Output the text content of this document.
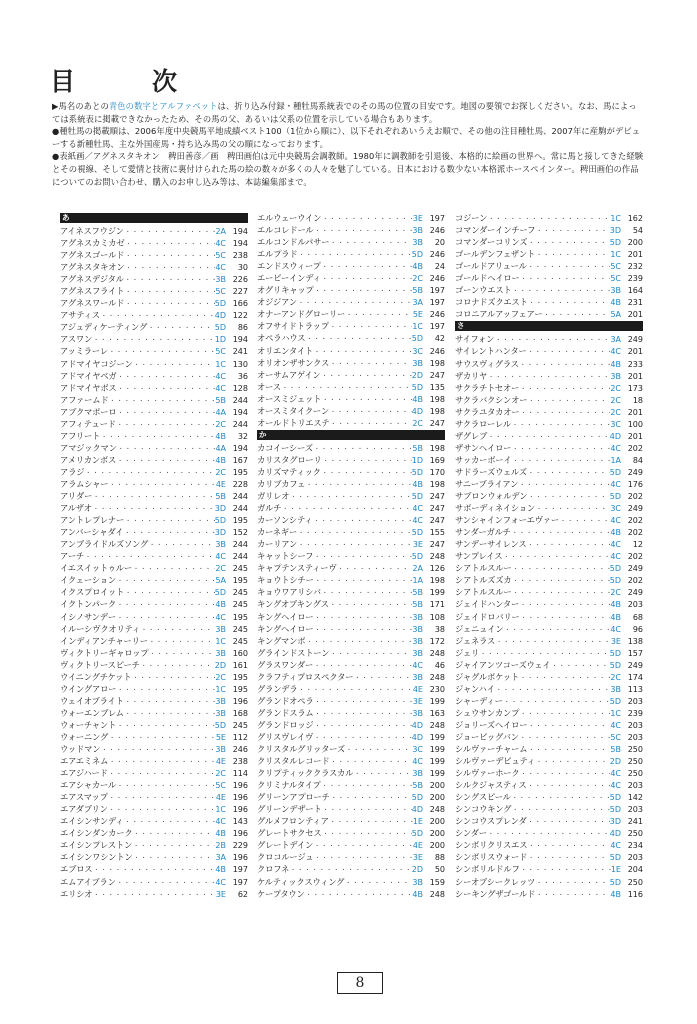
目　次

▶馬名のあとの青色の数字とアルファベットは、折り込み付録・種牡馬系統表でのその馬の位置の目安です。地図の要領でお探しください。なお、馬によっては系統表に掲載できなかったため、その馬の父、あるいは父系の位置を示している場合もあります。

●種牡馬の掲載順は、2006年度中央競馬平地成績ベスト100（1位から順に）、以下それぞれあいうえお順で、その他の注目種牡馬、2007年に産駒がデビューする新種牡馬、主な外国産馬・持ち込み馬の父の順になっております。

●表紙画／アグネスタキオン　稗田善彦／画　稗田画伯は元中央競馬会調教師。1980年に調教師を引退後、本格的に絵画の世界へ。常に馬と接してきた経験とその視線、そして愛情と技術に裏付けられた馬の絵の数々が多くの人々を魅了している。日本における数少ない本格派ホースペインター。稗田画伯の作品についてのお問い合わせ、購入のお申し込み等は、本誌編集部まで。

あ
アイネスフウジン ・・・・・・・・・・・・・・・・・・・・・・・・・・・・・・・・・・・・・・・・・・・・・・	2A 194
アグネスカミカゼ ・・・・・・・・・・・・・・・・・・・・・・・・・・・・・・・・・・・・・・・・・・・・・・	4C 194
アグネスゴールド ・・・・・・・・・・・・・・・・・・・・・・・・・・・・・・・・・・・・・・・・・・・・・・	5C 238
アグネスタキオン ・・・・・・・・・・・・・・・・・・・・・・・・・・・・・・・・・・・・・・・・・・・・・・	4C	30
アグネスデジタル ・・・・・・・・・・・・・・・・・・・・・・・・・・・・・・・・・・・・・・・・・・・・・・	3B 226
アグネスフライト ・・・・・・・・・・・・・・・・・・・・・・・・・・・・・・・・・・・・・・・・・・・・・・	5C 227
アグネスワールド ・・・・・・・・・・・・・・・・・・・・・・・・・・・・・・・・・・・・・・・・・・・・・・	5D 166
アサティス ・・・・・・・・・・・・・・・・・・・・・・・・・・・・・・・・・・・・・・・・・・・・・・	4D 122
アジュディケーティング ・・・・・・・・・・・・・・・・・・・・・・・・・・・・・・・・・・・・・・・・・・・・・・	5D	86
アスワン ・・・・・・・・・・・・・・・・・・・・・・・・・・・・・・・・・・・・・・・・・・・・・・	1D 194
アッミラーレ ・・・・・・・・・・・・・・・・・・・・・・・・・・・・・・・・・・・・・・・・・・・・・・	5C 241
アドマイヤコジーン ・・・・・・・・・・・・・・・・・・・・・・・・・・・・・・・・・・・・・・・・・・・・・・	1C 130
アドマイヤベガ ・・・・・・・・・・・・・・・・・・・・・・・・・・・・・・・・・・・・・・・・・・・・・・	4C	36
アドマイヤボス ・・・・・・・・・・・・・・・・・・・・・・・・・・・・・・・・・・・・・・・・・・・・・・	4C 128
アファームド ・・・・・・・・・・・・・・・・・・・・・・・・・・・・・・・・・・・・・・・・・・・・・・	5B 244
アブクマポーロ ・・・・・・・・・・・・・・・・・・・・・・・・・・・・・・・・・・・・・・・・・・・・・・	4A 194
アフィテュード ・・・・・・・・・・・・・・・・・・・・・・・・・・・・・・・・・・・・・・・・・・・・・・	2C 244
アフリート ・・・・・・・・・・・・・・・・・・・・・・・・・・・・・・・・・・・・・・・・・・・・・・	4B	32
アマジックマン ・・・・・・・・・・・・・・・・・・・・・・・・・・・・・・・・・・・・・・・・・・・・・・	4A 194
アメリカンボス ・・・・・・・・・・・・・・・・・・・・・・・・・・・・・・・・・・・・・・・・・・・・・・	4B 167
アラジ ・・・・・・・・・・・・・・・・・・・・・・・・・・・・・・・・・・・・・・・・・・・・・・	2C 195
アラムシャー ・・・・・・・・・・・・・・・・・・・・・・・・・・・・・・・・・・・・・・・・・・・・・・	4E 228
アリダー ・・・・・・・・・・・・・・・・・・・・・・・・・・・・・・・・・・・・・・・・・・・・・・	5B 244
アルザオ ・・・・・・・・・・・・・・・・・・・・・・・・・・・・・・・・・・・・・・・・・・・・・・	3D 244
アントレプレナー ・・・・・・・・・・・・・・・・・・・・・・・・・・・・・・・・・・・・・・・・・・・・・・	5D 195
アンバーシャダイ ・・・・・・・・・・・・・・・・・・・・・・・・・・・・・・・・・・・・・・・・・・・・・・	3D 152
アンブライドルズソング ・・・・・・・・・・・・・・・・・・・・・・・・・・・・・・・・・・・・・・・・・・・・・・	3B 244
アーチ ・・・・・・・・・・・・・・・・・・・・・・・・・・・・・・・・・・・・・・・・・・・・・・	4C 244
イエスイットゥルー ・・・・・・・・・・・・・・・・・・・・・・・・・・・・・・・・・・・・・・・・・・・・・・	2C 245
イクェーション ・・・・・・・・・・・・・・・・・・・・・・・・・・・・・・・・・・・・・・・・・・・・・・	5A 195
イクスプロイット ・・・・・・・・・・・・・・・・・・・・・・・・・・・・・・・・・・・・・・・・・・・・・・	5D 245
イクトンパーク ・・・・・・・・・・・・・・・・・・・・・・・・・・・・・・・・・・・・・・・・・・・・・・	4B 245
イシノサンデー ・・・・・・・・・・・・・・・・・・・・・・・・・・・・・・・・・・・・・・・・・・・・・・	4C 195
イルーシヴクオリティ ・・・・・・・・・・・・・・・・・・・・・・・・・・・・・・・・・・・・・・・・・・・・・・	3B 245
インディアンチャーリー ・・・・・・・・・・・・・・・・・・・・・・・・・・・・・・・・・・・・・・・・・・・・・・	1C 245
ヴィクトリーギャロップ ・・・・・・・・・・・・・・・・・・・・・・・・・・・・・・・・・・・・・・・・・・・・・・	3B 160
ヴィクトリースピーチ ・・・・・・・・・・・・・・・・・・・・・・・・・・・・・・・・・・・・・・・・・・・・・・	2D 161
ウイニングチケット ・・・・・・・・・・・・・・・・・・・・・・・・・・・・・・・・・・・・・・・・・・・・・・	2C 195
ウイングアロー ・・・・・・・・・・・・・・・・・・・・・・・・・・・・・・・・・・・・・・・・・・・・・・	1C 195
ウェイオブライト ・・・・・・・・・・・・・・・・・・・・・・・・・・・・・・・・・・・・・・・・・・・・・・	3B 196
ウォーエンブレム ・・・・・・・・・・・・・・・・・・・・・・・・・・・・・・・・・・・・・・・・・・・・・・	3B 168
ウォーチャント ・・・・・・・・・・・・・・・・・・・・・・・・・・・・・・・・・・・・・・・・・・・・・・	5D 245
ウォーニング ・・・・・・・・・・・・・・・・・・・・・・・・・・・・・・・・・・・・・・・・・・・・・・	5E 112
ウッドマン ・・・・・・・・・・・・・・・・・・・・・・・・・・・・・・・・・・・・・・・・・・・・・・	3B 246
エアエミネム ・・・・・・・・・・・・・・・・・・・・・・・・・・・・・・・・・・・・・・・・・・・・・・	4E 238
エアジハード ・・・・・・・・・・・・・・・・・・・・・・・・・・・・・・・・・・・・・・・・・・・・・・	2C 114
エアシャカール ・・・・・・・・・・・・・・・・・・・・・・・・・・・・・・・・・・・・・・・・・・・・・・	5C 196
エアスマップ ・・・・・・・・・・・・・・・・・・・・・・・・・・・・・・・・・・・・・・・・・・・・・・	4E 196
エアダブリン ・・・・・・・・・・・・・・・・・・・・・・・・・・・・・・・・・・・・・・・・・・・・・・	1C 196
エイシンサンディ ・・・・・・・・・・・・・・・・・・・・・・・・・・・・・・・・・・・・・・・・・・・・・・	4C 143
エイシンダンカーク ・・・・・・・・・・・・・・・・・・・・・・・・・・・・・・・・・・・・・・・・・・・・・・	4B 196
エイシンプレストン ・・・・・・・・・・・・・・・・・・・・・・・・・・・・・・・・・・・・・・・・・・・・・・	2B 229
エイシンワシントン ・・・・・・・・・・・・・・・・・・・・・・・・・・・・・・・・・・・・・・・・・・・・・・	3A 196
エブロス ・・・・・・・・・・・・・・・・・・・・・・・・・・・・・・・・・・・・・・・・・・・・・・	4B 197
エムアイブラン ・・・・・・・・・・・・・・・・・・・・・・・・・・・・・・・・・・・・・・・・・・・・・・	4C 197
エリシオ ・・・・・・・・・・・・・・・・・・・・・・・・・・・・・・・・・・・・・・・・・・・・・・	3E	62
エルウェーウイン ・・・・・・・・・・・・・・・・・・・・・・・・・・・・・・・・・・・・・・・・・・・・・・	3E 197
エルコレドール ・・・・・・・・・・・・・・・・・・・・・・・・・・・・・・・・・・・・・・・・・・・・・・	3B 246
エルコンドルパサー ・・・・・・・・・・・・・・・・・・・・・・・・・・・・・・・・・・・・・・・・・・・・・・	3B	20
エルプラド ・・・・・・・・・・・・・・・・・・・・・・・・・・・・・・・・・・・・・・・・・・・・・・	5D 246
エンドスウィープ ・・・・・・・・・・・・・・・・・・・・・・・・・・・・・・・・・・・・・・・・・・・・・・	4B	24
エービーインディ ・・・・・・・・・・・・・・・・・・・・・・・・・・・・・・・・・・・・・・・・・・・・・・	2C 246
オグリキャップ ・・・・・・・・・・・・・・・・・・・・・・・・・・・・・・・・・・・・・・・・・・・・・・	5B 197
オジジアン ・・・・・・・・・・・・・・・・・・・・・・・・・・・・・・・・・・・・・・・・・・・・・・	3A 197
オナーアンドグローリー ・・・・・・・・・・・・・・・・・・・・・・・・・・・・・・・・・・・・・・・・・・・・・・	5E 246
オフサイドトラップ ・・・・・・・・・・・・・・・・・・・・・・・・・・・・・・・・・・・・・・・・・・・・・・	1C 197
オペラハウス ・・・・・・・・・・・・・・・・・・・・・・・・・・・・・・・・・・・・・・・・・・・・・・	5D	42
オリエンタイト ・・・・・・・・・・・・・・・・・・・・・・・・・・・・・・・・・・・・・・・・・・・・・・	3C 246
オリオンザサンクス ・・・・・・・・・・・・・・・・・・・・・・・・・・・・・・・・・・・・・・・・・・・・・・	3B 198
オーサムアゲイン ・・・・・・・・・・・・・・・・・・・・・・・・・・・・・・・・・・・・・・・・・・・・・・	2D 247
オース ・・・・・・・・・・・・・・・・・・・・・・・・・・・・・・・・・・・・・・・・・・・・・・	5D 135
オースミジェット ・・・・・・・・・・・・・・・・・・・・・・・・・・・・・・・・・・・・・・・・・・・・・・	4B 198
オースミタイクーン ・・・・・・・・・・・・・・・・・・・・・・・・・・・・・・・・・・・・・・・・・・・・・・	4D 198
オールドトリエステ ・・・・・・・・・・・・・・・・・・・・・・・・・・・・・・・・・・・・・・・・・・・・・・	2C 247
か
カコイーシーズ ・・・・・・・・・・・・・・・・・・・・・・・・・・・・・・・・・・・・・・・・・・・・・・	5B 198
カリスタグローリ ・・・・・・・・・・・・・・・・・・・・・・・・・・・・・・・・・・・・・・・・・・・・・・	1D 169
カリズマティック ・・・・・・・・・・・・・・・・・・・・・・・・・・・・・・・・・・・・・・・・・・・・・・	5D 170
カリブカフェ ・・・・・・・・・・・・・・・・・・・・・・・・・・・・・・・・・・・・・・・・・・・・・・	4B 198
ガリレオ ・・・・・・・・・・・・・・・・・・・・・・・・・・・・・・・・・・・・・・・・・・・・・・	5D 247
ガルチ ・・・・・・・・・・・・・・・・・・・・・・・・・・・・・・・・・・・・・・・・・・・・・・	4C 247
カーソンシティ ・・・・・・・・・・・・・・・・・・・・・・・・・・・・・・・・・・・・・・・・・・・・・・	4C 247
カーネギー ・・・・・・・・・・・・・・・・・・・・・・・・・・・・・・・・・・・・・・・・・・・・・・	5D 155
カーリアン ・・・・・・・・・・・・・・・・・・・・・・・・・・・・・・・・・・・・・・・・・・・・・・	3E 247
キャットシーフ ・・・・・・・・・・・・・・・・・・・・・・・・・・・・・・・・・・・・・・・・・・・・・・	5D 248
キャプテンスティーヴ ・・・・・・・・・・・・・・・・・・・・・・・・・・・・・・・・・・・・・・・・・・・・・・	2A 126
キョウトシチー ・・・・・・・・・・・・・・・・・・・・・・・・・・・・・・・・・・・・・・・・・・・・・・	1A 198
キョウワアリシバ ・・・・・・・・・・・・・・・・・・・・・・・・・・・・・・・・・・・・・・・・・・・・・・	5B 199
キングオブキングス ・・・・・・・・・・・・・・・・・・・・・・・・・・・・・・・・・・・・・・・・・・・・・・	5B 171
キングヘイロー ・・・・・・・・・・・・・・・・・・・・・・・・・・・・・・・・・・・・・・・・・・・・・・	3B 108
キングヘイロー ・・・・・・・・・・・・・・・・・・・・・・・・・・・・・・・・・・・・・・・・・・・・・・	3B	38
キングマンボ ・・・・・・・・・・・・・・・・・・・・・・・・・・・・・・・・・・・・・・・・・・・・・・	3B 172
グラインドストーン ・・・・・・・・・・・・・・・・・・・・・・・・・・・・・・・・・・・・・・・・・・・・・・	3B 248
グラスワンダー ・・・・・・・・・・・・・・・・・・・・・・・・・・・・・・・・・・・・・・・・・・・・・・	4C	46
クラフティプロスペクター ・・・・・・・・・・・・・・・・・・・・・・・・・・・・・・・・・・・・・・・・・・・・・・	3B 248
グランデラ ・・・・・・・・・・・・・・・・・・・・・・・・・・・・・・・・・・・・・・・・・・・・・・	4E 230
グランドオペラ ・・・・・・・・・・・・・・・・・・・・・・・・・・・・・・・・・・・・・・・・・・・・・・	3E 199
グランドスラム ・・・・・・・・・・・・・・・・・・・・・・・・・・・・・・・・・・・・・・・・・・・・・・	3B 163
グランドロッジ ・・・・・・・・・・・・・・・・・・・・・・・・・・・・・・・・・・・・・・・・・・・・・・	4D 248
グリスヴレイヴ ・・・・・・・・・・・・・・・・・・・・・・・・・・・・・・・・・・・・・・・・・・・・・・	4D 199
クリスタルグリッターズ ・・・・・・・・・・・・・・・・・・・・・・・・・・・・・・・・・・・・・・・・・・・・・・	3C 199
クリスタルレコード ・・・・・・・・・・・・・・・・・・・・・・・・・・・・・・・・・・・・・・・・・・・・・・	4C 199
クリプティッククラスカル ・・・・・・・・・・・・・・・・・・・・・・・・・・・・・・・・・・・・・・・・・・・・・・	3B 199
クリミナルタイプ ・・・・・・・・・・・・・・・・・・・・・・・・・・・・・・・・・・・・・・・・・・・・・・	5B 200
グリーンアプローチ ・・・・・・・・・・・・・・・・・・・・・・・・・・・・・・・・・・・・・・・・・・・・・・	5D 200
グリーンデザート ・・・・・・・・・・・・・・・・・・・・・・・・・・・・・・・・・・・・・・・・・・・・・・	4D 248
グルメフロンティア ・・・・・・・・・・・・・・・・・・・・・・・・・・・・・・・・・・・・・・・・・・・・・・	1E 200
グレートサクセス ・・・・・・・・・・・・・・・・・・・・・・・・・・・・・・・・・・・・・・・・・・・・・・	5D 200
グレートデイン ・・・・・・・・・・・・・・・・・・・・・・・・・・・・・・・・・・・・・・・・・・・・・・	4E 200
クロコルージュ ・・・・・・・・・・・・・・・・・・・・・・・・・・・・・・・・・・・・・・・・・・・・・・	3E	88
クロフネ ・・・・・・・・・・・・・・・・・・・・・・・・・・・・・・・・・・・・・・・・・・・・・・	2D	50
ケルティックスウィング ・・・・・・・・・・・・・・・・・・・・・・・・・・・・・・・・・・・・・・・・・・・・・・	3B 159
ケープタウン ・・・・・・・・・・・・・・・・・・・・・・・・・・・・・・・・・・・・・・・・・・・・・・	4B 248
コジーン ・・・・・・・・・・・・・・・・・・・・・・・・・・・・・・・・・・・・・・・・・・・・・・	1C 162
コマンダーインチーフ ・・・・・・・・・・・・・・・・・・・・・・・・・・・・・・・・・・・・・・・・・・・・・・	3D	54
コマンダーコリンズ ・・・・・・・・・・・・・・・・・・・・・・・・・・・・・・・・・・・・・・・・・・・・・・	5D 200
ゴールデンフェザント ・・・・・・・・・・・・・・・・・・・・・・・・・・・・・・・・・・・・・・・・・・・・・・	1C 201
ゴールドアリュール ・・・・・・・・・・・・・・・・・・・・・・・・・・・・・・・・・・・・・・・・・・・・・・	5C 232
ゴールドヘイロー ・・・・・・・・・・・・・・・・・・・・・・・・・・・・・・・・・・・・・・・・・・・・・・	5C 239
ゴーンウエスト ・・・・・・・・・・・・・・・・・・・・・・・・・・・・・・・・・・・・・・・・・・・・・・	3B 164
コロナドズクエスト ・・・・・・・・・・・・・・・・・・・・・・・・・・・・・・・・・・・・・・・・・・・・・・	4B 231
コロニアルアッフェアー ・・・・・・・・・・・・・・・・・・・・・・・・・・・・・・・・・・・・・・・・・・・・・・	5A 201
さ
サイフォン ・・・・・・・・・・・・・・・・・・・・・・・・・・・・・・・・・・・・・・・・・・・・・・	3A 249
サイレントハンター ・・・・・・・・・・・・・・・・・・・・・・・・・・・・・・・・・・・・・・・・・・・・・・	4C 201
サウスヴィグラス ・・・・・・・・・・・・・・・・・・・・・・・・・・・・・・・・・・・・・・・・・・・・・・	4B 233
ザカリヤ ・・・・・・・・・・・・・・・・・・・・・・・・・・・・・・・・・・・・・・・・・・・・・・	3B 201
サクラチトセオー ・・・・・・・・・・・・・・・・・・・・・・・・・・・・・・・・・・・・・・・・・・・・・・	2C 173
サクラバクシンオー ・・・・・・・・・・・・・・・・・・・・・・・・・・・・・・・・・・・・・・・・・・・・・・	2C	18
サクラユタカオー ・・・・・・・・・・・・・・・・・・・・・・・・・・・・・・・・・・・・・・・・・・・・・・	2C 201
サクラローレル ・・・・・・・・・・・・・・・・・・・・・・・・・・・・・・・・・・・・・・・・・・・・・・	3C 100
ザグレブ ・・・・・・・・・・・・・・・・・・・・・・・・・・・・・・・・・・・・・・・・・・・・・・	4D 201
ザサンヘイロー ・・・・・・・・・・・・・・・・・・・・・・・・・・・・・・・・・・・・・・・・・・・・・・	4C 202
サッカーボーイ ・・・・・・・・・・・・・・・・・・・・・・・・・・・・・・・・・・・・・・・・・・・・・・	1A	84
サドラーズウェルズ ・・・・・・・・・・・・・・・・・・・・・・・・・・・・・・・・・・・・・・・・・・・・・・	5D 249
サニーブライアン ・・・・・・・・・・・・・・・・・・・・・・・・・・・・・・・・・・・・・・・・・・・・・・	4C 176
サブロンウォルデン ・・・・・・・・・・・・・・・・・・・・・・・・・・・・・・・・・・・・・・・・・・・・・・	5D 202
サボーディネイション ・・・・・・・・・・・・・・・・・・・・・・・・・・・・・・・・・・・・・・・・・・・・・・	3C 249
サンシャインフォーエヴァー ・・・・・・・・・・・・・・・・・・・・・・・・・・・・・・・・・・・・・・・・・・・・・・	4C 202
サンダーガルチ ・・・・・・・・・・・・・・・・・・・・・・・・・・・・・・・・・・・・・・・・・・・・・・	4B 202
サンデーサイレンス ・・・・・・・・・・・・・・・・・・・・・・・・・・・・・・・・・・・・・・・・・・・・・・	4C	12
サンプレイス ・・・・・・・・・・・・・・・・・・・・・・・・・・・・・・・・・・・・・・・・・・・・・・	4C 202
シアトルスルー ・・・・・・・・・・・・・・・・・・・・・・・・・・・・・・・・・・・・・・・・・・・・・・	5D 249
シアトルズズカ ・・・・・・・・・・・・・・・・・・・・・・・・・・・・・・・・・・・・・・・・・・・・・・	5D 202
シアトルスルー ・・・・・・・・・・・・・・・・・・・・・・・・・・・・・・・・・・・・・・・・・・・・・・	2C 249
ジェイドハンター ・・・・・・・・・・・・・・・・・・・・・・・・・・・・・・・・・・・・・・・・・・・・・・	4B 203
ジェイドロバリー ・・・・・・・・・・・・・・・・・・・・・・・・・・・・・・・・・・・・・・・・・・・・・・	4B	68
ジェニュイン ・・・・・・・・・・・・・・・・・・・・・・・・・・・・・・・・・・・・・・・・・・・・・・	4C	96
ジェネラス ・・・・・・・・・・・・・・・・・・・・・・・・・・・・・・・・・・・・・・・・・・・・・・	3E 138
ジェリ ・・・・・・・・・・・・・・・・・・・・・・・・・・・・・・・・・・・・・・・・・・・・・・	5D 157
ジャイアンツコーズウェイ ・・・・・・・・・・・・・・・・・・・・・・・・・・・・・・・・・・・・・・・・・・・・・・	5D 249
ジャグルポケット ・・・・・・・・・・・・・・・・・・・・・・・・・・・・・・・・・・・・・・・・・・・・・・	2C 174
ジャンハイ ・・・・・・・・・・・・・・・・・・・・・・・・・・・・・・・・・・・・・・・・・・・・・・	3B 113
シャーディー ・・・・・・・・・・・・・・・・・・・・・・・・・・・・・・・・・・・・・・・・・・・・・・	5D 203
シュウサンカンプ ・・・・・・・・・・・・・・・・・・・・・・・・・・・・・・・・・・・・・・・・・・・・・・	1C 239
ジョリーズヘイロー ・・・・・・・・・・・・・・・・・・・・・・・・・・・・・・・・・・・・・・・・・・・・・・	4C 203
ジョービッグバン ・・・・・・・・・・・・・・・・・・・・・・・・・・・・・・・・・・・・・・・・・・・・・・	5C 203
シルヴァーチャーム ・・・・・・・・・・・・・・・・・・・・・・・・・・・・・・・・・・・・・・・・・・・・・・	5B 250
シルヴァーデピュティ ・・・・・・・・・・・・・・・・・・・・・・・・・・・・・・・・・・・・・・・・・・・・・・	2D 250
シルヴァーホーク ・・・・・・・・・・・・・・・・・・・・・・・・・・・・・・・・・・・・・・・・・・・・・・	4C 250
シルクジャスティス ・・・・・・・・・・・・・・・・・・・・・・・・・・・・・・・・・・・・・・・・・・・・・・	4C 203
シングスピール ・・・・・・・・・・・・・・・・・・・・・・・・・・・・・・・・・・・・・・・・・・・・・・	5D 142
シンコウキング ・・・・・・・・・・・・・・・・・・・・・・・・・・・・・・・・・・・・・・・・・・・・・・	5D 203
シンコウスプレンダ ・・・・・・・・・・・・・・・・・・・・・・・・・・・・・・・・・・・・・・・・・・・・・・	3D 241
シンダー ・・・・・・・・・・・・・・・・・・・・・・・・・・・・・・・・・・・・・・・・・・・・・・	4D 250
シンボリクリスエス ・・・・・・・・・・・・・・・・・・・・・・・・・・・・・・・・・・・・・・・・・・・・・・	4C 234
シンボリスウォード ・・・・・・・・・・・・・・・・・・・・・・・・・・・・・・・・・・・・・・・・・・・・・・	5D 203
シンボリルドルフ ・・・・・・・・・・・・・・・・・・・・・・・・・・・・・・・・・・・・・・・・・・・・・・	1E 204
シーオブシークレッツ ・・・・・・・・・・・・・・・・・・・・・・・・・・・・・・・・・・・・・・・・・・・・・・	5D 250
シーキングザゴールド ・・・・・・・・・・・・・・・・・・・・・・・・・・・・・・・・・・・・・・・・・・・・・・	4B 116
8
